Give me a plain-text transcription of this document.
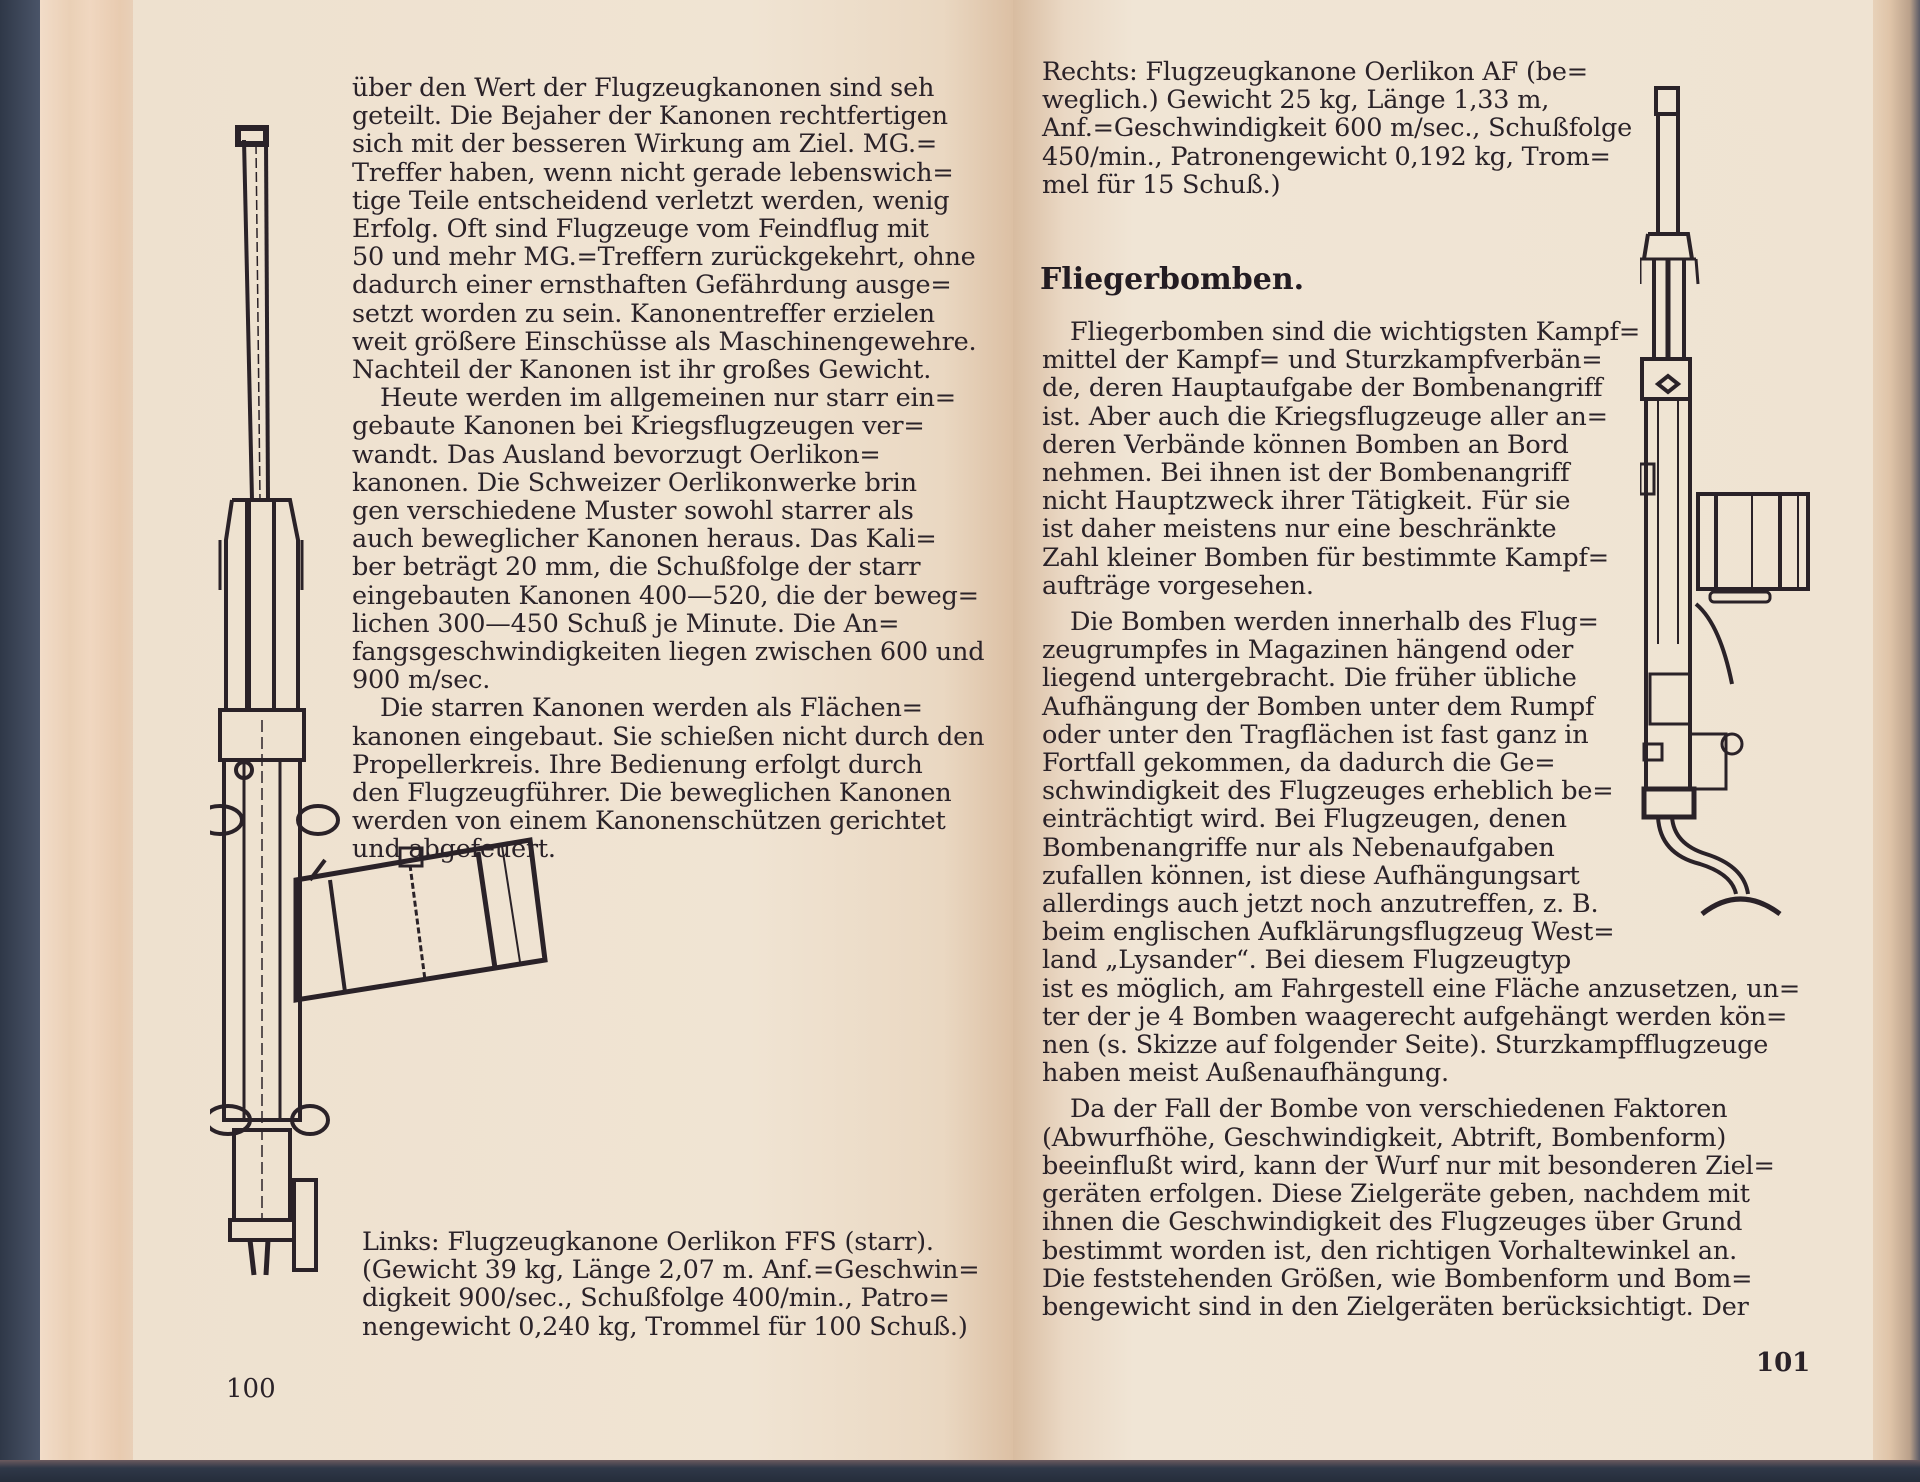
über den Wert der Flugzeugkanonen sind seh

geteilt. Die Bejaher der Kanonen rechtfertigen

sich mit der besseren Wirkung am Ziel. MG.=

Treffer haben, wenn nicht gerade lebenswich=

tige Teile entscheidend verletzt werden, wenig

Erfolg. Oft sind Flugzeuge vom Feindflug mit

50 und mehr MG.=Treffern zurückgekehrt, ohne

dadurch einer ernsthaften Gefährdung ausge=

setzt worden zu sein. Kanonentreffer erzielen

weit größere Einschüsse als Maschinengewehre.

Nachteil der Kanonen ist ihr großes Gewicht.

Heute werden im allgemeinen nur starr ein=

gebaute Kanonen bei Kriegsflugzeugen ver=

wandt. Das Ausland bevorzugt Oerlikon=

kanonen. Die Schweizer Oerlikonwerke brin

gen verschiedene Muster sowohl starrer als

auch beweglicher Kanonen heraus. Das Kali=

ber beträgt 20 mm, die Schußfolge der starr

eingebauten Kanonen 400—520, die der beweg=

lichen 300—450 Schuß je Minute. Die An=

fangsgeschwindigkeiten liegen zwischen 600 und

900 m/sec.

Die starren Kanonen werden als Flächen=

kanonen eingebaut. Sie schießen nicht durch den

Propellerkreis. Ihre Bedienung erfolgt durch

den Flugzeugführer. Die beweglichen Kanonen

werden von einem Kanonenschützen gerichtet

und abgefeuert.

Links: Flugzeugkanone Oerlikon FFS (starr).

(Gewicht 39 kg, Länge 2,07 m. Anf.=Geschwin=

digkeit 900/sec., Schußfolge 400/min., Patro=

nengewicht 0,240 kg, Trommel für 100 Schuß.)

100

Rechts: Flugzeugkanone Oerlikon AF (be=

weglich.) Gewicht 25 kg, Länge 1,33 m,

Anf.=Geschwindigkeit 600 m/sec., Schußfolge

450/min., Patronengewicht 0,192 kg, Trom=

mel für 15 Schuß.)

Fliegerbomben.

Fliegerbomben sind die wichtigsten Kampf=

mittel der Kampf= und Sturzkampfverbän=

de, deren Hauptaufgabe der Bombenangriff

ist. Aber auch die Kriegsflugzeuge aller an=

deren Verbände können Bomben an Bord

nehmen. Bei ihnen ist der Bombenangriff

nicht Hauptzweck ihrer Tätigkeit. Für sie

ist daher meistens nur eine beschränkte

Zahl kleiner Bomben für bestimmte Kampf=

aufträge vorgesehen.

Die Bomben werden innerhalb des Flug=

zeugrumpfes in Magazinen hängend oder

liegend untergebracht. Die früher übliche

Aufhängung der Bomben unter dem Rumpf

oder unter den Tragflächen ist fast ganz in

Fortfall gekommen, da dadurch die Ge=

schwindigkeit des Flugzeuges erheblich be=

einträchtigt wird. Bei Flugzeugen, denen

Bombenangriffe nur als Nebenaufgaben

zufallen können, ist diese Aufhängungsart

allerdings auch jetzt noch anzutreffen, z. B.

beim englischen Aufklärungsflugzeug West=

land „Lysander“. Bei diesem Flugzeugtyp

ist es möglich, am Fahrgestell eine Fläche anzusetzen, un=

ter der je 4 Bomben waagerecht aufgehängt werden kön=

nen (s. Skizze auf folgender Seite). Sturzkampfflugzeuge

haben meist Außenaufhängung.

Da der Fall der Bombe von verschiedenen Faktoren

(Abwurfhöhe, Geschwindigkeit, Abtrift, Bombenform)

beeinflußt wird, kann der Wurf nur mit besonderen Ziel=

geräten erfolgen. Diese Zielgeräte geben, nachdem mit

ihnen die Geschwindigkeit des Flugzeuges über Grund

bestimmt worden ist, den richtigen Vorhaltewinkel an.

Die feststehenden Größen, wie Bombenform und Bom=

bengewicht sind in den Zielgeräten berücksichtigt. Der

101
